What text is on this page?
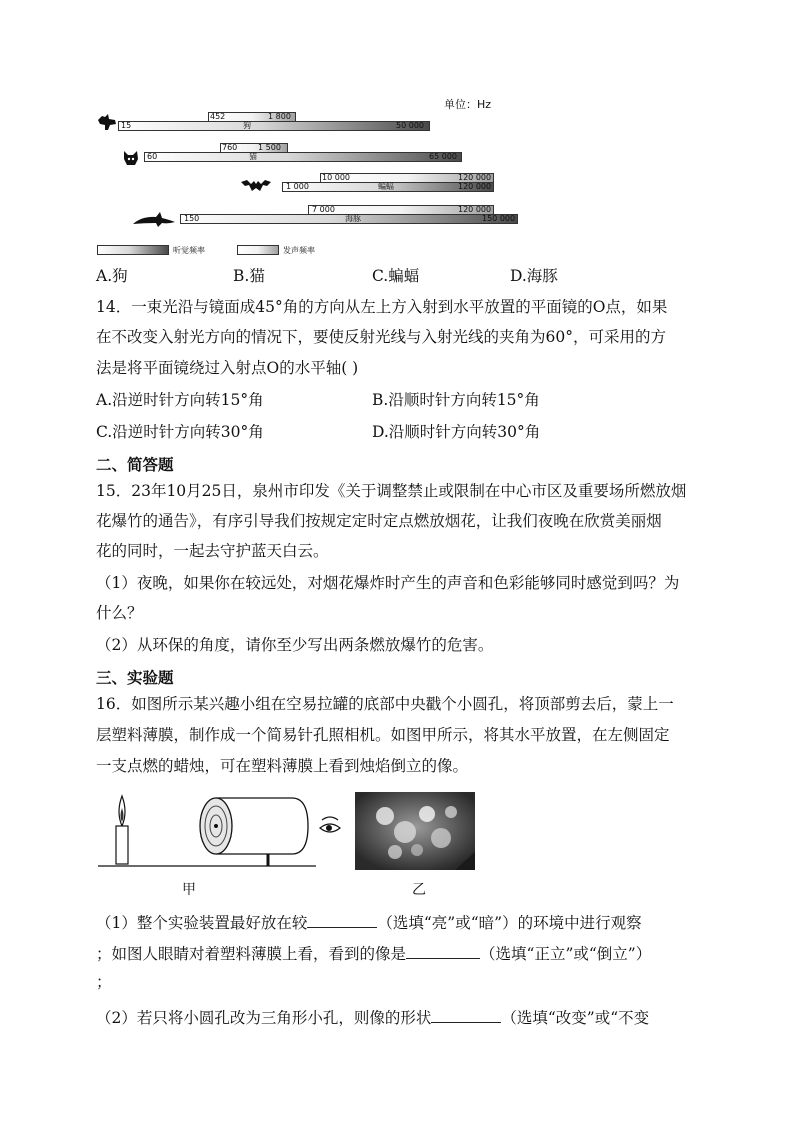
单位：Hz
452	1 800
15	狗	50 000
760	1 500
60	猫	65 000
10 000	120 000
1 000	蝙蝠	120 000
7 000	120 000
150	海豚	150 000
听觉频率	发声频率
A.狗	B.猫	C.蝙蝠	D.海豚
14．一束光沿与镜面成45°角的方向从左上方入射到水平放置的平面镜的O点，如果
在不改变入射光方向的情况下，要使反射光线与入射光线的夹角为60°，可采用的方
法是将平面镜绕过入射点O的水平轴( )
A.沿逆时针方向转15°角	B.沿顺时针方向转15°角
C.沿逆时针方向转30°角	D.沿顺时针方向转30°角
二、简答题
15．23年10月25日，泉州市印发《关于调整禁止或限制在中心市区及重要场所燃放烟
花爆竹的通告》，有序引导我们按规定定时定点燃放烟花，让我们夜晚在欣赏美丽烟
花的同时，一起去守护蓝天白云。
（1）夜晚，如果你在较远处，对烟花爆炸时产生的声音和色彩能够同时感觉到吗？为
什么？
（2）从环保的角度，请你至少写出两条燃放爆竹的危害。
三、实验题
16．如图所示某兴趣小组在空易拉罐的底部中央戳个小圆孔，将顶部剪去后，蒙上一
层塑料薄膜，制作成一个简易针孔照相机。如图甲所示，将其水平放置，在左侧固定
一支点燃的蜡烛，可在塑料薄膜上看到烛焰倒立的像。
甲	乙
（1）整个实验装置最好放在较	（选填“亮”或“暗”）的环境中进行观察
；如图人眼睛对着塑料薄膜上看，看到的像是	（选填“正立”或“倒立”）
；
（2）若只将小圆孔改为三角形小孔，则像的形状	（选填“改变”或“不变
